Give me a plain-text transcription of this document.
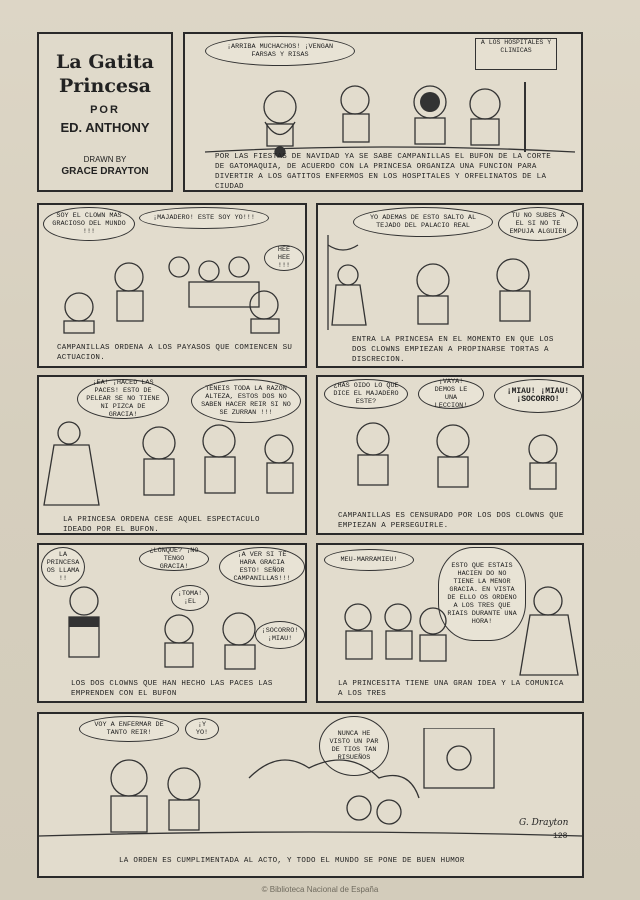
La Gatita
Princesa
POR
ED. ANTHONY
DRAWN BY
GRACE DRAYTON
¡ARRIBA MUCHACHOS! ¡VENGAN FARSAS Y RISAS
A LOS HOSPITALES Y CLINICAS
POR LAS FIESTAS DE NAVIDAD YA SE SABE CAMPANILLAS EL BUFON DE LA CORTE DE GATOMAQUIA, DE ACUERDO CON LA PRINCESA ORGANIZA UNA FUNCION PARA DIVERTIR A LOS GATITOS ENFERMOS EN LOS HOSPITALES Y ORFELINATOS DE LA CIUDAD
SOY EL CLOWN MAS GRACIOSO DEL MUNDO !!!
¡MAJADERO! ESTE SOY YO!!!
HEE HEE !!!
CAMPANILLAS ORDENA A LOS PAYASOS QUE COMIENCEN SU ACTUACION.
YO ADEMAS DE ESTO SALTO AL TEJADO DEL PALACIO REAL
TU NO SUBES A EL SI NO TE EMPUJA ALGUIEN
ENTRA LA PRINCESA EN EL MOMENTO EN QUE LOS DOS CLOWNS EMPIEZAN A PROPINARSE TORTAS A DISCRECION.
¡EA! ¡HACED LAS PACES! ESTO DE PELEAR SE NO TIENE NI PIZCA DE GRACIA!
TENEIS TODA LA RAZON ALTEZA, ESTOS DOS NO SABEN HACER REIR SI NO SE ZURRAN !!!
LA PRINCESA ORDENA CESE AQUEL ESPECTACULO IDEADO POR EL BUFON.
¿HAS OIDO LO QUE DICE EL MAJADERO ESTE?
¡VAYA! DEMOS LE UNA LECCION!
¡MIAU! ¡MIAU! ¡SOCORRO!
CAMPANILLAS ES CENSURADO POR LOS DOS CLOWNS QUE EMPIEZAN A PERSEGUIRLE.
LA PRINCESA OS LLAMA !!
¿LONQUE? ¡NO TENGO GRACIA!
¡A VER SI TE HARA GRACIA ESTO! SEÑOR CAMPANILLAS!!!
¡TOMA! ¡EL
¡SOCORRO! ¡MIAU!
LOS DOS CLOWNS QUE HAN HECHO LAS PACES LAS EMPRENDEN CON EL BUFON
MEU-MARRAMIEU!
ESTO QUE ESTAIS HACIEN DO NO TIENE LA MENOR GRACIA. EN VISTA DE ELLO OS ORDENO A LOS TRES QUE RIAIS DURANTE UNA HORA!
LA PRINCESITA TIENE UNA GRAN IDEA Y LA COMUNICA A LOS TRES
VOY A ENFERMAR DE TANTO REIR!
¡Y YO!	NUNCA HE VISTO UN PAR DE TIOS TAN RISUEÑOS
G. Drayton
128
LA ORDEN ES CUMPLIMENTADA AL ACTO, Y TODO EL MUNDO SE PONE DE BUEN HUMOR
© Biblioteca Nacional de España
